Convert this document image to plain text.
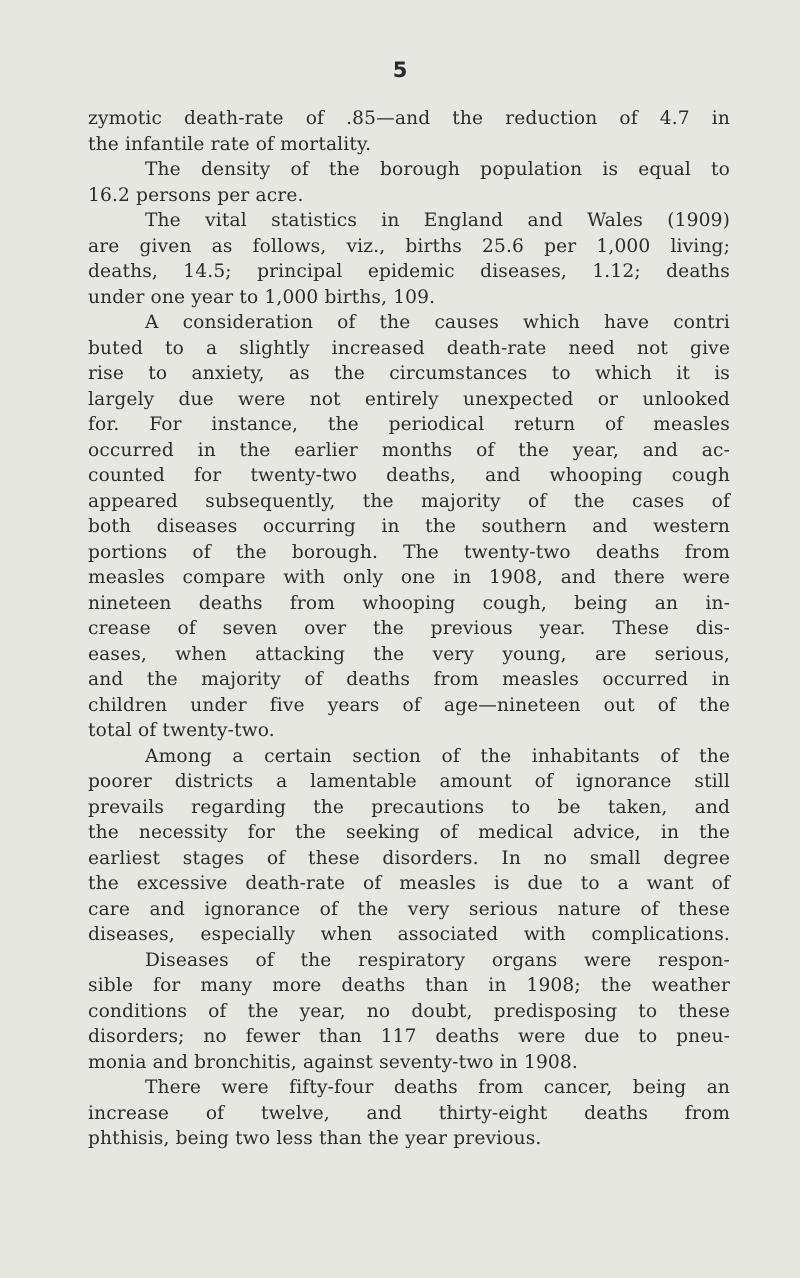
5
zymotic death-rate of .85—and the reduction of 4.7 in
the infantile rate of mortality.
The density of the borough population is equal to
16.2 persons per acre.
The vital statistics in England and Wales (1909)
are given as follows, viz., births 25.6 per 1,000 living;
deaths, 14.5; principal epidemic diseases, 1.12; deaths
under one year to 1,000 births, 109.
A consideration of the causes which have contri
buted to a slightly increased death-rate need not give
rise to anxiety, as the circumstances to which it is
largely due were not entirely unexpected or unlooked
for. For instance, the periodical return of measles
occurred in the earlier months of the year, and ac-
counted for twenty-two deaths, and whooping cough
appeared subsequently, the majority of the cases of
both diseases occurring in the southern and western
portions of the borough. The twenty-two deaths from
measles compare with only one in 1908, and there were
nineteen deaths from whooping cough, being an in-
crease of seven over the previous year. These dis-
eases, when attacking the very young, are serious,
and the majority of deaths from measles occurred in
children under five years of age—nineteen out of the
total of twenty-two.
Among a certain section of the inhabitants of the
poorer districts a lamentable amount of ignorance still
prevails regarding the precautions to be taken, and
the necessity for the seeking of medical advice, in the
earliest stages of these disorders. In no small degree
the excessive death-rate of measles is due to a want of
care and ignorance of the very serious nature of these
diseases, especially when associated with complications.
Diseases of the respiratory organs were respon-
sible for many more deaths than in 1908; the weather
conditions of the year, no doubt, predisposing to these
disorders; no fewer than 117 deaths were due to pneu-
monia and bronchitis, against seventy-two in 1908.
There were fifty-four deaths from cancer, being an
increase of twelve, and thirty-eight deaths from
phthisis, being two less than the year previous.
